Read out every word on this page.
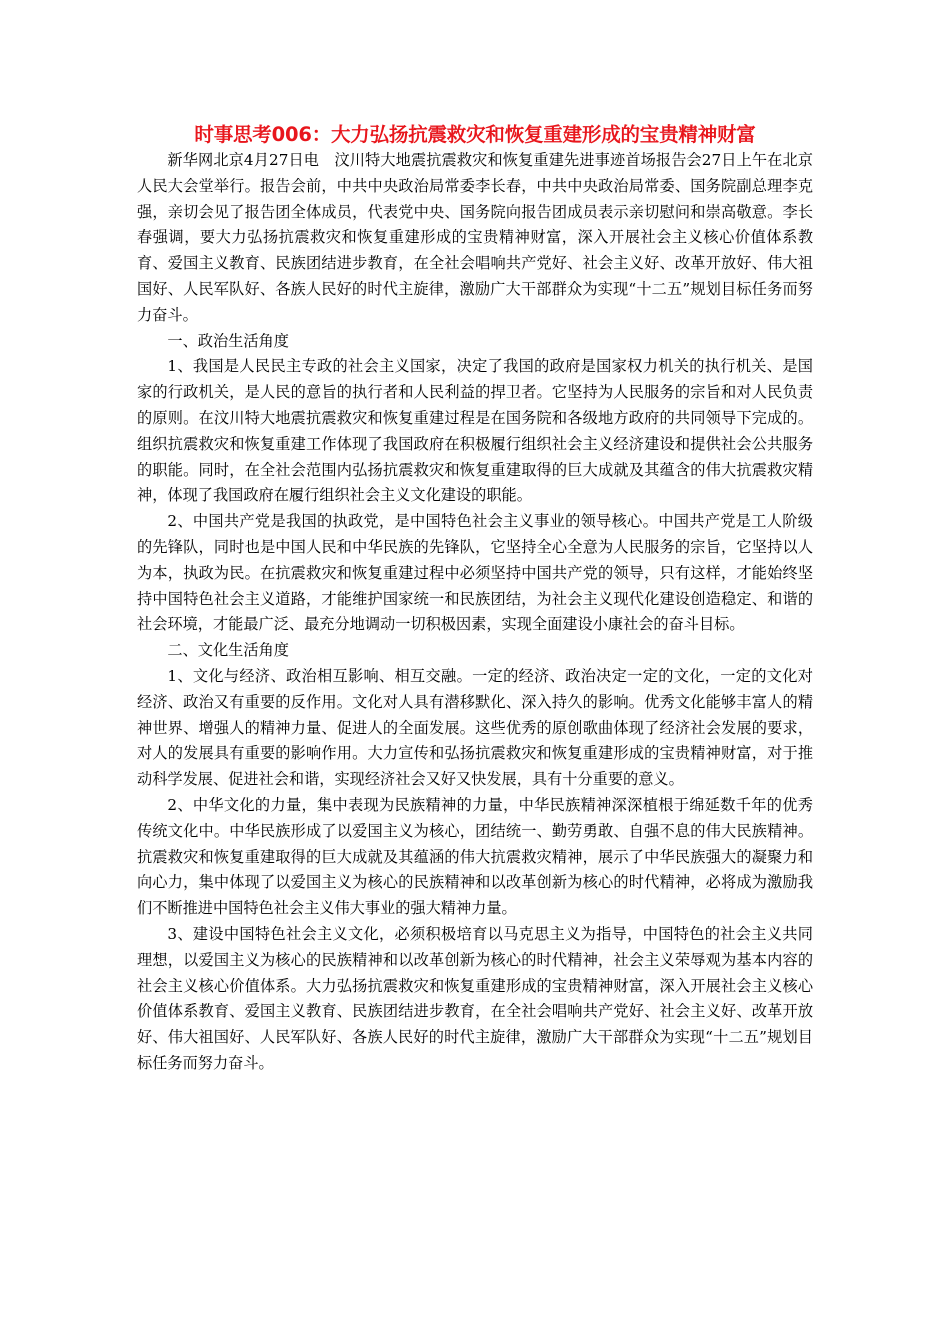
时事思考006：大力弘扬抗震救灾和恢复重建形成的宝贵精神财富

新华网北京4月27日电　汶川特大地震抗震救灾和恢复重建先进事迹首场报告会27日上午在北京人民大会堂举行。报告会前，中共中央政治局常委李长春，中共中央政治局常委、国务院副总理李克强，亲切会见了报告团全体成员，代表党中央、国务院向报告团成员表示亲切慰问和崇高敬意。李长春强调，要大力弘扬抗震救灾和恢复重建形成的宝贵精神财富，深入开展社会主义核心价值体系教育、爱国主义教育、民族团结进步教育，在全社会唱响共产党好、社会主义好、改革开放好、伟大祖国好、人民军队好、各族人民好的时代主旋律，激励广大干部群众为实现“十二五”规划目标任务而努力奋斗。

一、政治生活角度

1、我国是人民民主专政的社会主义国家，决定了我国的政府是国家权力机关的执行机关、是国家的行政机关，是人民的意旨的执行者和人民利益的捍卫者。它坚持为人民服务的宗旨和对人民负责的原则。在汶川特大地震抗震救灾和恢复重建过程是在国务院和各级地方政府的共同领导下完成的。组织抗震救灾和恢复重建工作体现了我国政府在积极履行组织社会主义经济建设和提供社会公共服务的职能。同时，在全社会范围内弘扬抗震救灾和恢复重建取得的巨大成就及其蕴含的伟大抗震救灾精神，体现了我国政府在履行组织社会主义文化建设的职能。

2、中国共产党是我国的执政党，是中国特色社会主义事业的领导核心。中国共产党是工人阶级的先锋队，同时也是中国人民和中华民族的先锋队，它坚持全心全意为人民服务的宗旨，它坚持以人为本，执政为民。在抗震救灾和恢复重建过程中必须坚持中国共产党的领导，只有这样，才能始终坚持中国特色社会主义道路，才能维护国家统一和民族团结，为社会主义现代化建设创造稳定、和谐的社会环境，才能最广泛、最充分地调动一切积极因素，实现全面建设小康社会的奋斗目标。

二、文化生活角度

1、文化与经济、政治相互影响、相互交融。一定的经济、政治决定一定的文化，一定的文化对经济、政治又有重要的反作用。文化对人具有潜移默化、深入持久的影响。优秀文化能够丰富人的精神世界、增强人的精神力量、促进人的全面发展。这些优秀的原创歌曲体现了经济社会发展的要求，对人的发展具有重要的影响作用。大力宣传和弘扬抗震救灾和恢复重建形成的宝贵精神财富，对于推动科学发展、促进社会和谐，实现经济社会又好又快发展，具有十分重要的意义。

2、中华文化的力量，集中表现为民族精神的力量，中华民族精神深深植根于绵延数千年的优秀传统文化中。中华民族形成了以爱国主义为核心，团结统一、勤劳勇敢、自强不息的伟大民族精神。抗震救灾和恢复重建取得的巨大成就及其蕴涵的伟大抗震救灾精神，展示了中华民族强大的凝聚力和向心力，集中体现了以爱国主义为核心的民族精神和以改革创新为核心的时代精神，必将成为激励我们不断推进中国特色社会主义伟大事业的强大精神力量。

3、建设中国特色社会主义文化，必须积极培育以马克思主义为指导，中国特色的社会主义共同理想，以爱国主义为核心的民族精神和以改革创新为核心的时代精神，社会主义荣辱观为基本内容的社会主义核心价值体系。大力弘扬抗震救灾和恢复重建形成的宝贵精神财富，深入开展社会主义核心价值体系教育、爱国主义教育、民族团结进步教育，在全社会唱响共产党好、社会主义好、改革开放好、伟大祖国好、人民军队好、各族人民好的时代主旋律，激励广大干部群众为实现“十二五”规划目标任务而努力奋斗。
